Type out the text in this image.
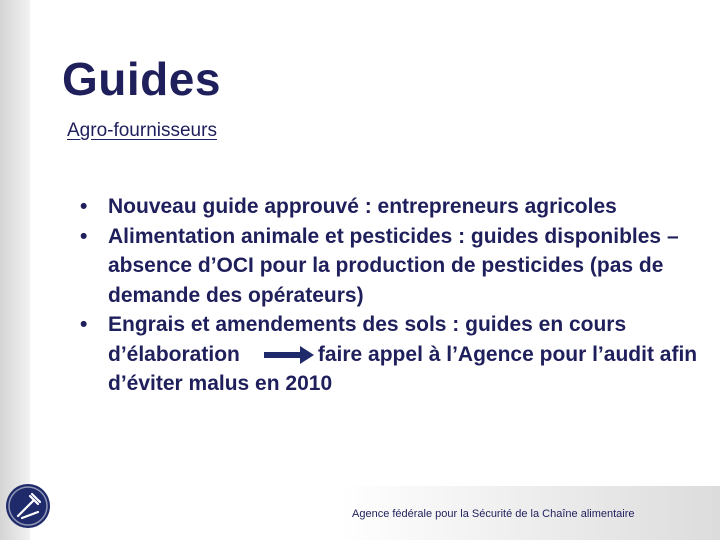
Guides
Agro-fournisseurs
• Nouveau guide approuvé : entrepreneurs agricoles
• Alimentation animale et pesticides : guides disponibles – absence d’OCI pour la production de pesticides (pas de demande des opérateurs)
• Engrais et amendements des sols : guides en cours d’élaboration	faire appel à l’Agence pour l’audit afin d’éviter malus en 2010
Agence fédérale pour la Sécurité de la Chaîne alimentaire
